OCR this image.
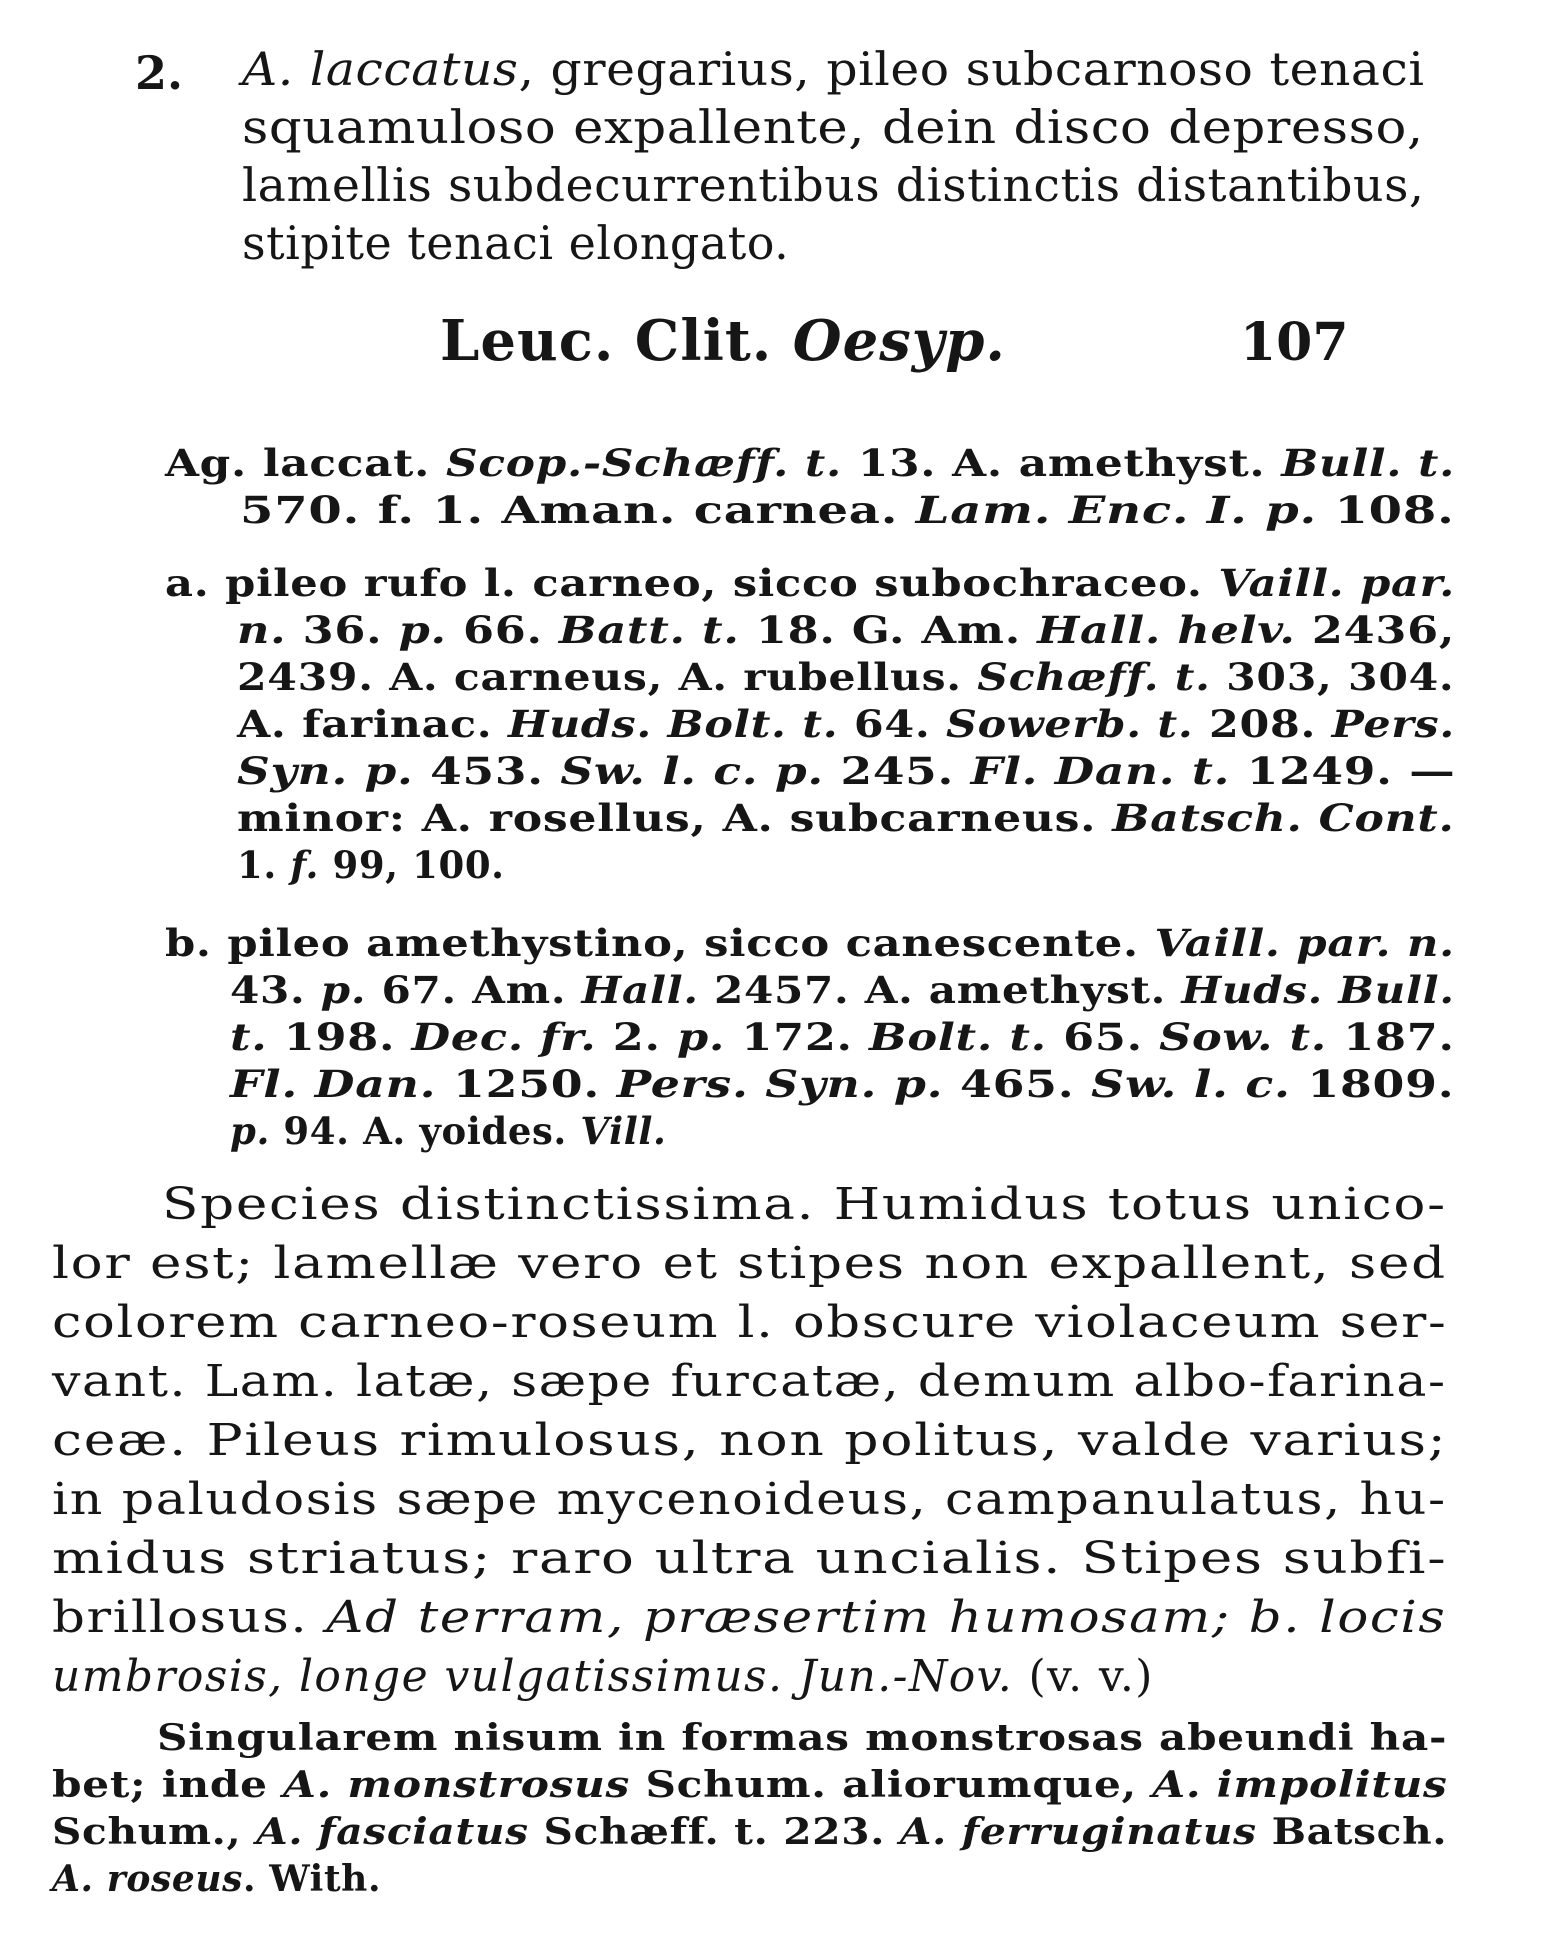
2. A. laccatus, gregarius, pileo subcarnoso tenaci
squamuloso expallente, dein disco depresso,
lamellis subdecurrentibus distinctis distantibus,
stipite tenaci elongato.
Leuc. Clit. Oesyp.	107
Ag. laccat. Scop.-Schæff. t. 13. A. amethyst. Bull. t.
570. f. 1. Aman. carnea. Lam. Enc. I. p. 108.
a. pileo rufo l. carneo, sicco subochraceo. Vaill. par.
n. 36. p. 66. Batt. t. 18. G. Am. Hall. helv. 2436,
2439. A. carneus, A. rubellus. Schæff. t. 303, 304.
A. farinac. Huds. Bolt. t. 64. Sowerb. t. 208. Pers.
Syn. p. 453. Sw. l. c. p. 245. Fl. Dan. t. 1249. —
minor: A. rosellus, A. subcarneus. Batsch. Cont.
1. f. 99, 100.
b. pileo amethystino, sicco canescente. Vaill. par. n.
43. p. 67. Am. Hall. 2457. A. amethyst. Huds. Bull.
t. 198. Dec. fr. 2. p. 172. Bolt. t. 65. Sow. t. 187.
Fl. Dan. 1250. Pers. Syn. p. 465. Sw. l. c. 1809.
p. 94. A. yoides. Vill.
Species distinctissima. Humidus totus unico-
lor est; lamellæ vero et stipes non expallent, sed
colorem carneo-roseum l. obscure violaceum ser-
vant. Lam. latæ, sæpe furcatæ, demum albo-farina-
ceæ. Pileus rimulosus, non politus, valde varius;
in paludosis sæpe mycenoideus, campanulatus, hu-
midus striatus; raro ultra uncialis. Stipes subfi-
brillosus. Ad terram, præsertim humosam; b. locis
umbrosis, longe vulgatissimus. Jun.-Nov. (v. v.)
Singularem nisum in formas monstrosas abeundi ha-
bet; inde A. monstrosus Schum. aliorumque, A. impolitus
Schum., A. fasciatus Schæff. t. 223. A. ferruginatus Batsch.
A. roseus. With.
